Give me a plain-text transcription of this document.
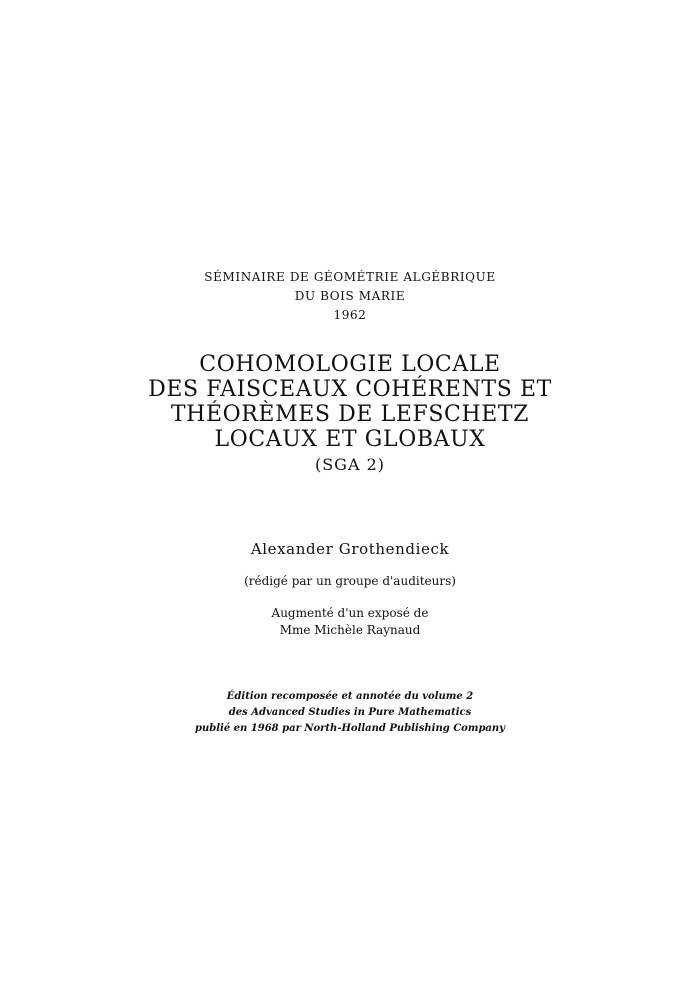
SÉMINAIRE DE GÉOMÉTRIE ALGÉBRIQUE
DU BOIS MARIE
1962
COHOMOLOGIE LOCALE
DES FAISCEAUX COHÉRENTS ET
THÉORÈMES DE LEFSCHETZ
LOCAUX ET GLOBAUX
(SGA 2)
Alexander Grothendieck
(rédigé par un groupe d'auditeurs)
Augmenté d'un exposé de
Mme Michèle Raynaud
Édition recomposée et annotée du volume 2
des Advanced Studies in Pure Mathematics
publié en 1968 par North-Holland Publishing Company
